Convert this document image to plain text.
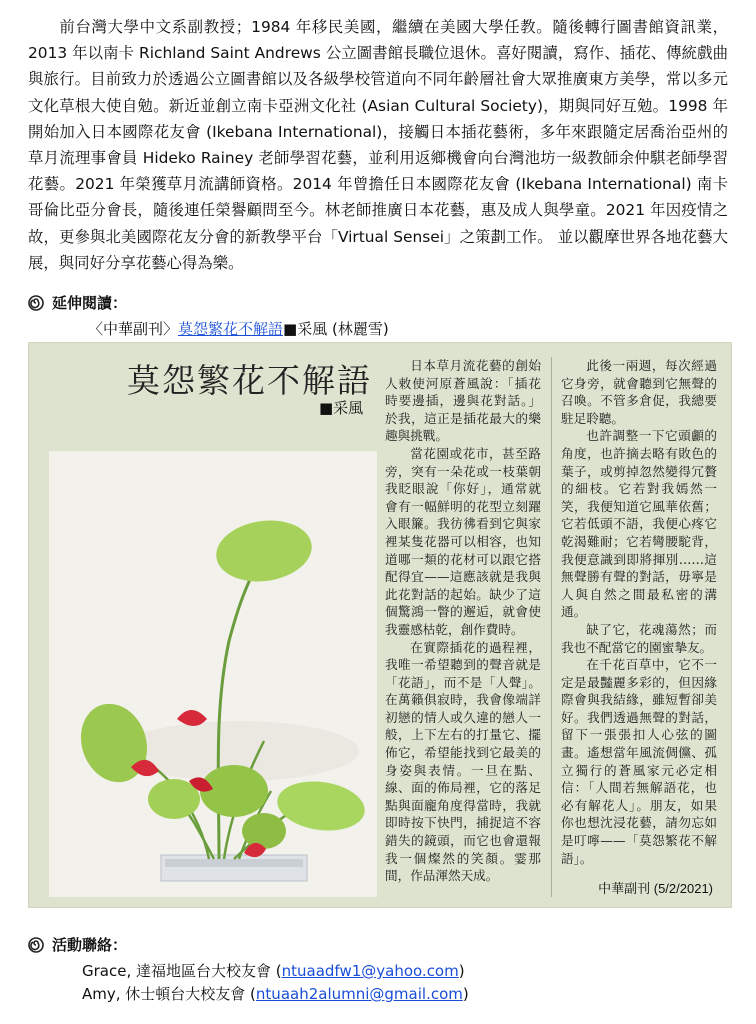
前台灣大學中文系副教授；1984 年移民美國，繼續在美國大學任教。隨後轉行圖書館資訊業，2013 年以南卡 Richland Saint Andrews 公立圖書館長職位退休。喜好閱讀，寫作、插花、傳統戲曲與旅行。目前致力於透過公立圖書館以及各級學校管道向不同年齡層社會大眾推廣東方美學，常以多元文化草根大使自勉。新近並創立南卡亞洲文化社 (Asian Cultural Society)，期與同好互勉。1998 年開始加入日本國際花友會 (Ikebana International)，接觸日本插花藝術，多年來跟隨定居喬治亞州的草月流理事會員 Hideko Rainey 老師學習花藝，並利用返鄉機會向台灣池坊一級教師余仲騏老師學習花藝。2021 年榮獲草月流講師資格。2014 年曾擔任日本國際花友會 (Ikebana International) 南卡哥倫比亞分會長，隨後連任榮譽顧問至今。林老師推廣日本花藝，惠及成人與學童。2021 年因疫情之故，更參與北美國際花友分會的新教學平台「Virtual Sensei」之策劃工作。 並以觀摩世界各地花藝大展，與同好分享花藝心得為樂。

延伸閱讀：
〈中華副刊〉莫怨繁花不解語■采風 (林麗雪)
莫怨繁花不解語
■采風

日本草月流花藝的創始人敕使河原蒼風說：「插花時要邊插，邊與花對話。」於我，這正是插花最大的樂趣與挑戰。

當花園或花市，甚至路旁，突有一朵花或一枝葉朝我眨眼說「你好」，通常就會有一幅鮮明的花型立刻躍入眼簾。我彷彿看到它與家裡某隻花器可以相容，也知道哪一類的花材可以跟它搭配得宜——這應該就是我與此花對話的起始。缺少了這個驚鴻一瞥的邂逅，就會使我靈感枯乾，創作費時。

在實際插花的過程裡，我唯一希望聽到的聲音就是「花語」，而不是「人聲」。在萬籟俱寂時，我會像端詳初戀的情人或久違的戀人一般，上下左右的打量它、擺佈它，希望能找到它最美的身姿與表情。一旦在點、線、面的佈局裡，它的落足點與面龐角度得當時，我就即時按下快門，捕捉這不容錯失的鏡頭，而它也會還報我一個燦然的笑顏。霎那間，作品渾然天成。

此後一兩週，每次經過它身旁，就會聽到它無聲的召喚。不管多倉促，我總要駐足聆聽。

也許調整一下它頭顱的角度，也許摘去略有敗色的葉子，或剪掉忽然變得冗贅的細枝。它若對我嫣然一笑，我便知道它風華依舊；它若低頭不語，我便心疼它乾渴難耐；它若彎腰駝背，我便意識到即將揮別……這無聲勝有聲的對話，毋寧是人與自然之間最私密的溝通。

缺了它，花魂蕩然；而我也不配當它的園蜜摯友。

在千花百草中，它不一定是最豔麗多彩的，但因緣際會與我結緣，雖短暫卻美好。我們透過無聲的對話，留下一張張扣人心弦的圖畫。遙想當年風流倜儻、孤立獨行的蒼風家元必定相信：「人間若無解語花，也必有解花人」。朋友，如果你也想沈浸花藝，請勿忘如是叮嚀——「莫怨繁花不解語」。

中華副刊 (5/2/2021)
活動聯絡：
Grace, 達福地區台大校友會 (ntuaadfw1@yahoo.com)
Amy, 休士頓台大校友會 (ntuaah2alumni@gmail.com)
